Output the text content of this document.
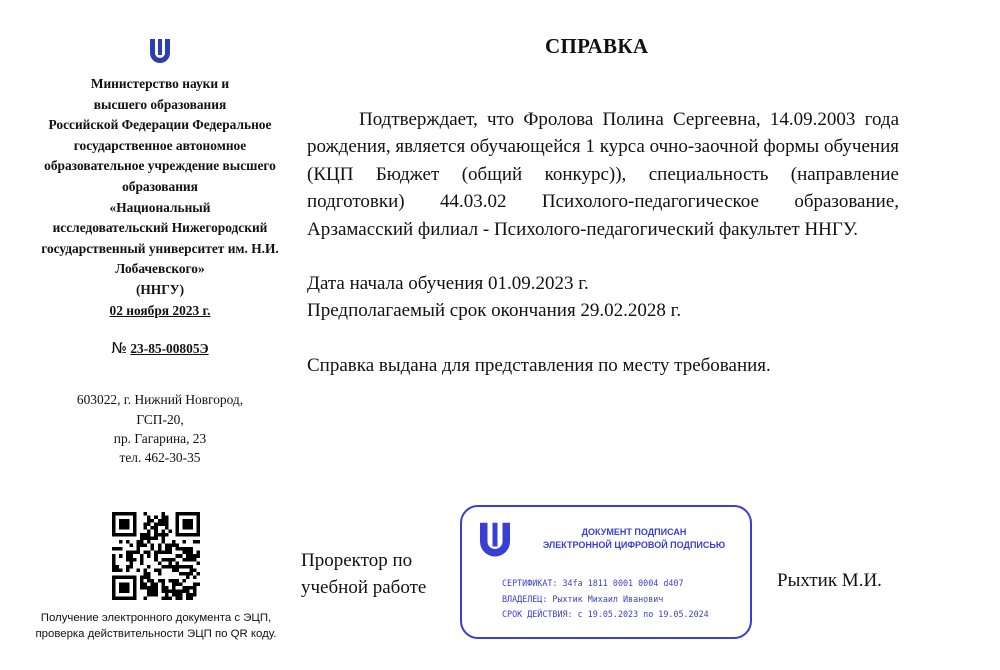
Министерство науки и
высшего образования
Российской Федерации Федеральное
государственное автономное
образовательное учреждение высшего
образования
«Национальный
исследовательский Нижегородский
государственный университет им. Н.И.
Лобачевского»
(ННГУ)
02 ноября 2023 г.
№ 23-85-00805Э
603022, г. Нижний Новгород,
ГСП-20,
пр. Гагарина, 23
тел. 462-30-35
СПРАВКА
Подтверждает, что Фролова Полина Сергеевна, 14.09.2003 года рождения, является обучающейся 1 курса очно-заочной формы обучения (КЦП Бюджет (общий конкурс)), специальность (направление подготовки) 44.03.02 Психолого-педагогическое образование, Арзамасский филиал - Психолого-педагогический факультет ННГУ.
Дата начала обучения 01.09.2023 г.
Предполагаемый срок окончания 29.02.2028 г.
Справка выдана для представления по месту требования.
Получение электронного документа с ЭЦП,
проверка действительности ЭЦП по QR коду.
Проректор по
учебной работе
ДОКУМЕНТ ПОДПИСАН
ЭЛЕКТРОННОЙ ЦИФРОВОЙ ПОДПИСЬЮ
СЕРТИФИКАТ: 34fa 1811 0001 0004 d407
ВЛАДЕЛЕЦ: Рыхтик Михаил Иванович
СРОК ДЕЙСТВИЯ: с 19.05.2023 по 19.05.2024
Рыхтик М.И.
